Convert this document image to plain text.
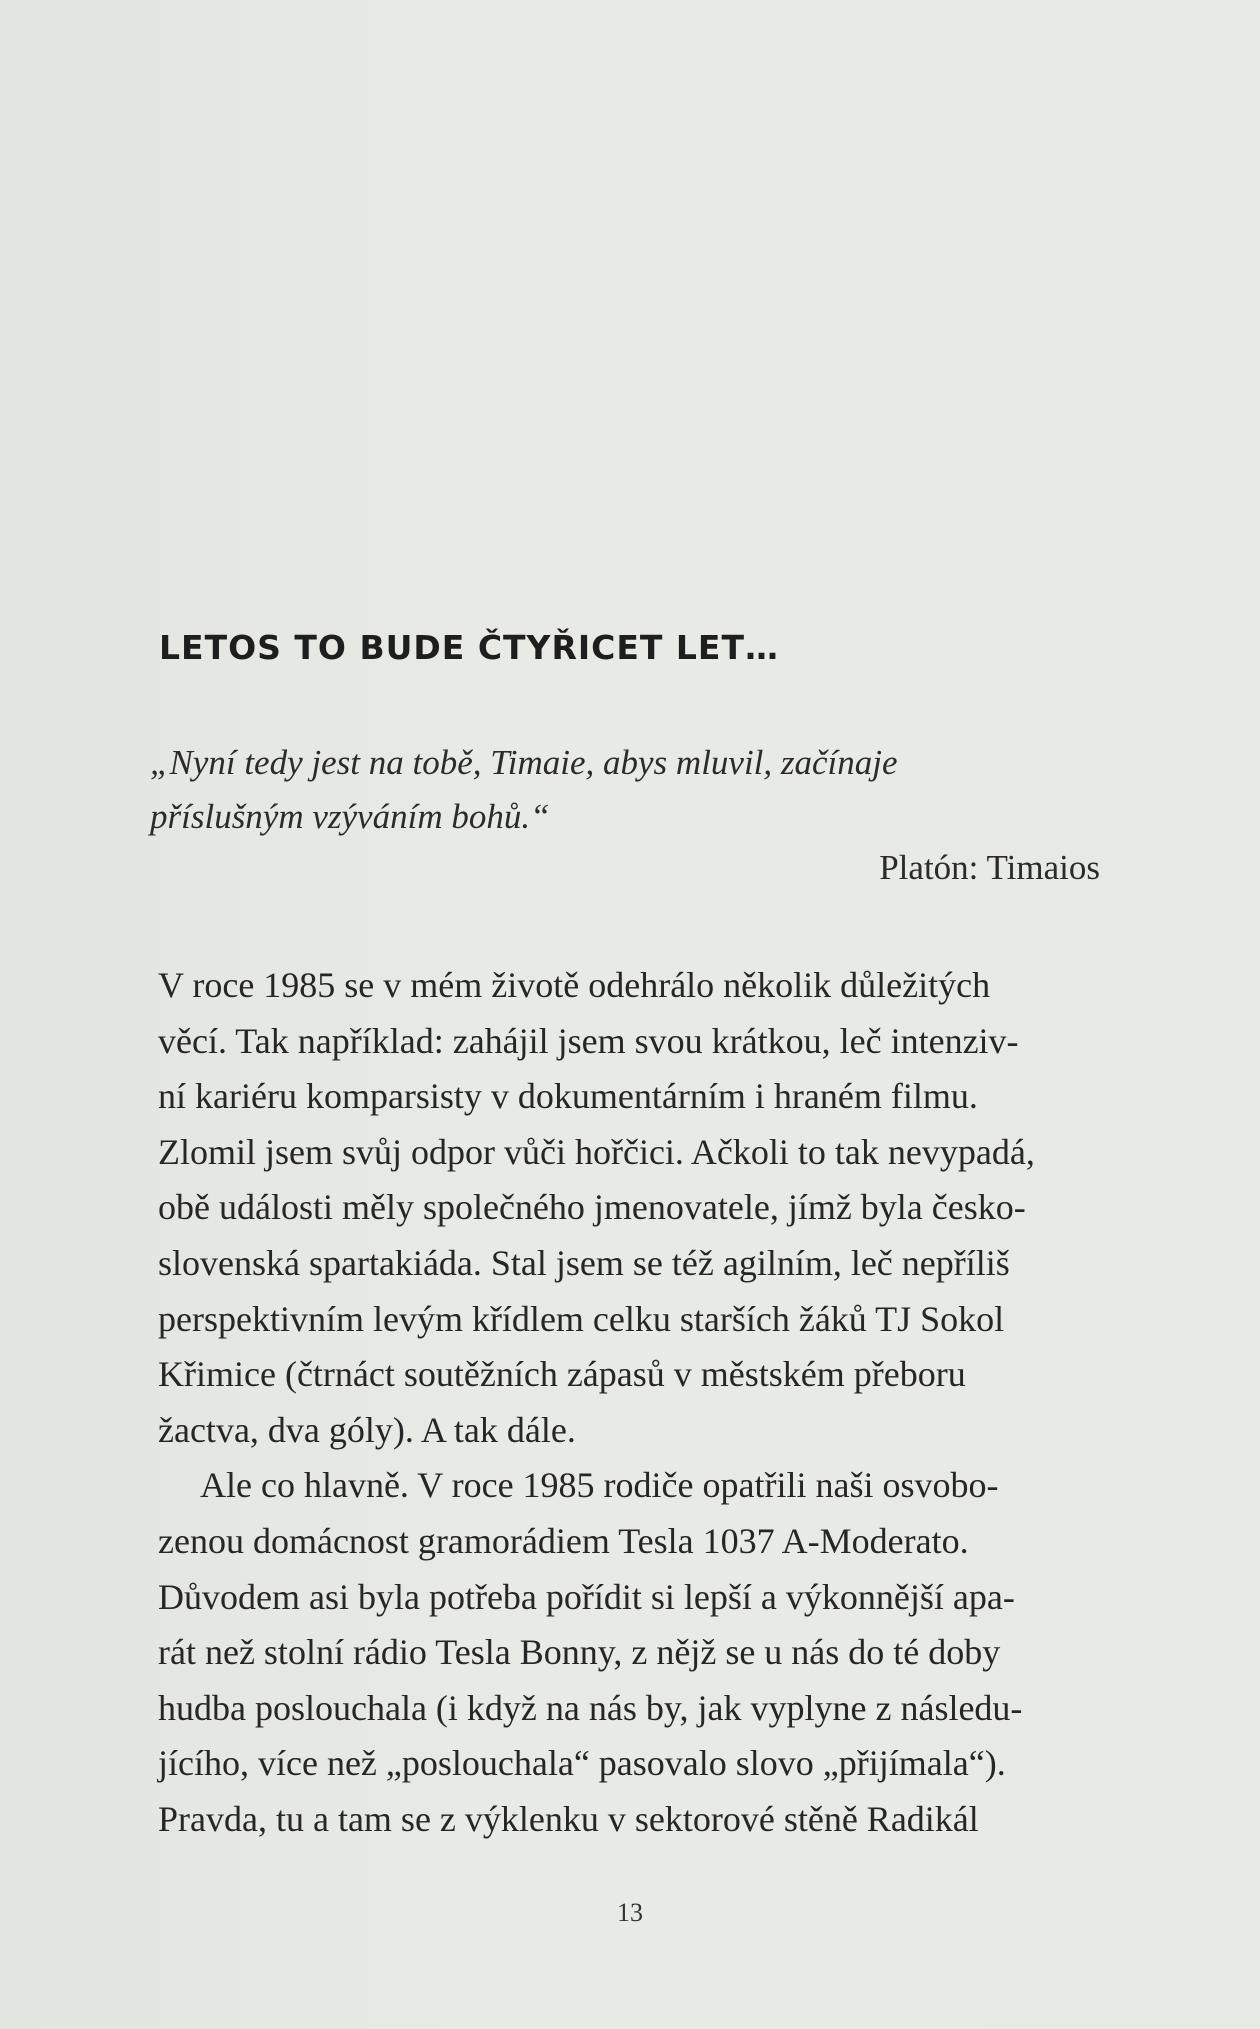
LETOS TO BUDE ČTYŘICET LET…
„Nyní tedy jest na tobě, Timaie, abys mluvil, začínaje
příslušným vzýváním bohů.“
Platón: Timaios
V roce 1985 se v mém životě odehrálo několik důležitých
věcí. Tak například: zahájil jsem svou krátkou, leč intenziv-
ní kariéru komparsisty v dokumentárním i hraném filmu.
Zlomil jsem svůj odpor vůči hořčici. Ačkoli to tak nevypadá,
obě události měly společného jmenovatele, jímž byla česko-
slovenská spartakiáda. Stal jsem se též agilním, leč nepříliš
perspektivním levým křídlem celku starších žáků TJ Sokol
Křimice (čtrnáct soutěžních zápasů v městském přeboru
žactva, dva góly). A tak dále.
Ale co hlavně. V roce 1985 rodiče opatřili naši osvobo-
zenou domácnost gramorádiem Tesla 1037 A-Moderato.
Důvodem asi byla potřeba pořídit si lepší a výkonnější apa-
rát než stolní rádio Tesla Bonny, z nějž se u nás do té doby
hudba poslouchala (i když na nás by, jak vyplyne z následu-
jícího, více než „poslouchala“ pasovalo slovo „přijímala“).
Pravda, tu a tam se z výklenku v sektorové stěně Radikál
13
